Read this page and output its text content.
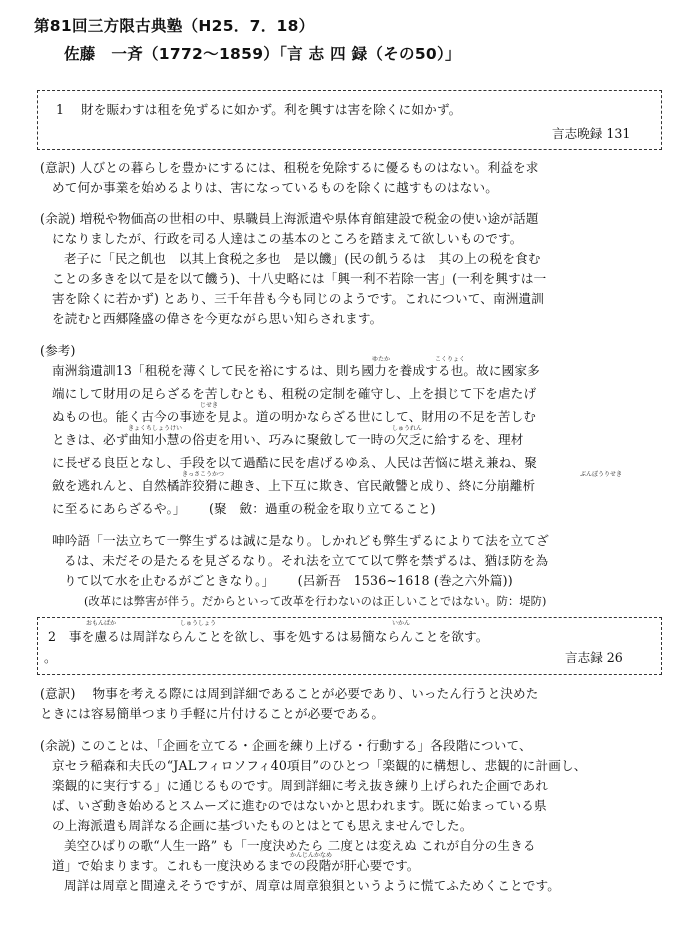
第81回三方限古典塾（H25．7．18）
佐藤　一斉（1772〜1859）「言 志 四 録（その50）」
1　 財を賑わすは租を免ずるに如かず。利を興すは害を除くに如かず。
言志晩録 131
(意訳) 人びとの暮らしを豊かにするには、租税を免除するに優るものはない。利益を求
めて何か事業を始めるよりは、害になっているものを除くに越すものはない。
(余説) 増税や物価高の世相の中、県職員上海派遣や県体育館建設で税金の使い途が話題
になりましたが、行政を司る人達はこの基本のところを踏まえて欲しいものです。
老子に「民之飢也　以其上食税之多也　是以饑」(民の飢うるは　其の上の税を食む
ことの多きを以て是を以て饑う)、十八史略には「興一利不若除一害」(一利を興すは一
害を除くに若かず) とあり、三千年昔も今も同じのようです。これについて、南洲遺訓
を読むと西郷隆盛の偉さを今更ながら思い知らされます。
(参考)
南洲翁遺訓13「租税を薄くして民を裕にするは、則ち國力を養成する也。故に國家多
端にして財用の足らざるを苦しむとも、租税の定制を確守し、上を損じて下を虐たげ
ぬもの也。能く古今の事迹を見よ。道の明かならざる世にして、財用の不足を苦しむ
ときは、必ず曲知小慧の俗吏を用い、巧みに聚斂して一時の欠乏に給するを、理材
に長ぜる良臣となし、手段を以て過酷に民を虐げるゆゑ、人民は苦悩に堪え兼ね、聚
斂を逃れんと、自然橘詐狡猾に趣き、上下互に欺き、官民敵讐と成り、終に分崩離析
に至るにあらざるや。」　　 (聚　斂：過重の税金を取り立てること)
ゆたか	こくりょく
じせき
きょくちしょうけい	しゅうれん
きっさこうかつ	ぶんぽうりせき
呻吟語「一法立ちて一弊生ずるは誠に是なり。しかれども弊生ずるによりて法を立てざ
るは、未だその是たるを見ざるなり。それ法を立てて以て弊を禁ずるは、猶ほ防を為
りて以て水を止むるがごときなり。」　　 (呂新吾　1536~1618 (巻之六外篇))
(改革には弊害が伴う。だからといって改革を行わないのは正しいことではない。防：堤防)
おもんぱか	しゅうしょう	いかん
2　事を慮るは周詳ならんことを欲し、事を処するは易簡ならんことを欲す。
。	言志録 26
(意訳)　 物事を考える際には周到詳細であることが必要であり、いったん行うと決めた
ときには容易簡単つまり手軽に片付けることが必要である。
(余説) このことは、「企画を立てる・企画を練り上げる・行動する」各段階について、
京セラ稲森和夫氏の“JALフィロソフィ40項目”のひとつ「楽観的に構想し、悲観的に計画し、
楽観的に実行する」に通じるものです。周到詳細に考え抜き練り上げられた企画であれ
ば、いざ動き始めるとスムーズに進むのではないかと思われます。既に始まっている県
の上海派遣も周詳なる企画に基づいたものとはとても思えませんでした。
美空ひばりの歌“人生一路” も「一度決めたら 二度とは変えぬ これが自分の生きる
かんじんかなめ
道」で始まります。これも一度決めるまでの段階が肝心要です。
周詳は周章と間違えそうですが、周章は周章狼狽というように慌てふためくことです。
